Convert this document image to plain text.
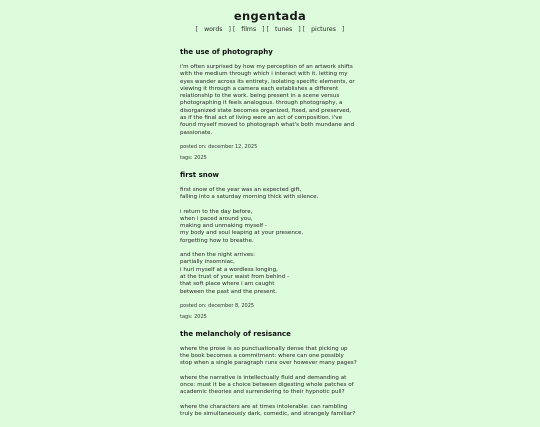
engentada
[ words ] [ films ] [ tunes ] [ pictures ]
the use of photography

i'm often surprised by how my perception of an artwork shifts
with the medium through which i interact with it. letting my
eyes wander across its entirety, isolating specific elements, or
viewing it through a camera each establishes a different
relationship to the work. being present in a scene versus
photographing it feels analogous. through photography, a
disorganized state becomes organized, fixed, and preserved,
as if the final act of living were an act of composition. i've
found myself moved to photograph what's both mundane and
passionate.

posted on: december 12, 2025
tags: 2025
first snow

first snow of the year was an expected gift,
falling into a saturday morning thick with silence.

i return to the day before,
when i paced around you,
making and unmaking myself -
my body and soul leaping at your presence,
forgetting how to breathe.

and then the night arrives:
partially insomniac,
i hurl myself at a wordless longing,
at the trust of your waist from behind -
that soft place where i am caught
between the past and the present.

posted on: december 8, 2025
tags: 2025
the melancholy of resisance

where the prose is so punctuationally dense that picking up
the book becomes a commitment: where can one possibly
stop when a single paragraph runs over however many pages?

where the narrative is intellectually fluid and demanding at
once: must it be a choice between digesting whole patches of
academic theories and surrendering to their hypnotic pull?

where the characters are at times intolerable: can rambling
truly be simultaneously dark, comedic, and strangely familiar?
